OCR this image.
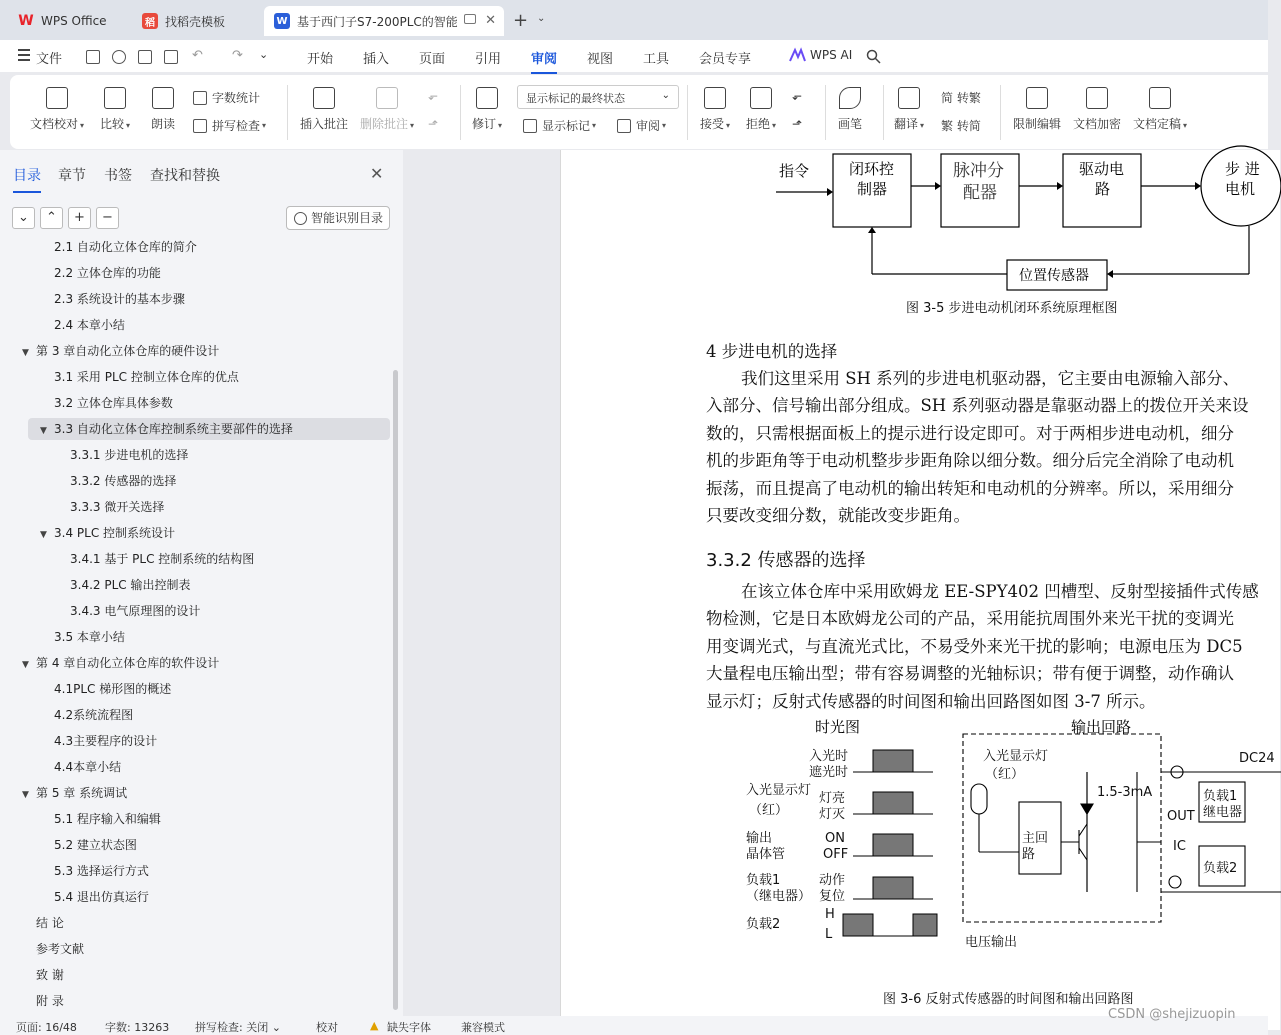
W WPS Office	稻 找稻壳模板	W 基于西门子S7-200PLC的智能 ✕ + ⌄
文件	↶ ↷ ⌄	开始 插入 页面 引用 审阅 视图 工具 会员专享	WPS AI
文档校对 ▾ 比较 ▾ 朗读
字数统计
拼写检查 ▾	插入批注 删除批注 ▾
⬐
⬏	修订 ▾
显示标记的最终状态	⌄
显示标记 ▾	审阅 ▾	接受 ▾ 拒绝 ▾
⬐
⬏	画笔	翻译 ▾
简 转繁
繁 转简	限制编辑 文档加密 文档定稿 ▾
目录 章节 书签 查找和替换	✕
⌄	⌃	+	−	智能识别目录
2.1 自动化立体仓库的简介
2.2 立体仓库的功能
2.3 系统设计的基本步骤
2.4 本章小结
▼ 第 3 章自动化立体仓库的硬件设计
3.1 采用 PLC 控制立体仓库的优点
3.2 立体仓库具体参数
▼ 3.3 自动化立体仓库控制系统主要部件的选择
3.3.1 步进电机的选择
3.3.2 传感器的选择
3.3.3 微开关选择
▼ 3.4 PLC 控制系统设计
3.4.1 基于 PLC 控制系统的结构图
3.4.2 PLC 输出控制表
3.4.3 电气原理图的设计
3.5 本章小结
▼ 第 4 章自动化立体仓库的软件设计
4.1PLC 梯形图的概述
4.2系统流程图
4.3主要程序的设计
4.4本章小结
▼ 第 5 章 系统调试
5.1 程序输入和编辑
5.2 建立状态图
5.3 选择运行方式
5.4 退出仿真运行
结 论
参考文献
致 谢
附 录
指令	闭环控
制器
脉冲分
配器
驱动电
路
步 进
电机
位置传感器
图 3-5 步进电动机闭环系统原理框图
4 步进电机的选择
我们这里采用 SH 系列的步进电机驱动器，它主要由电源输入部分、
入部分、信号输出部分组成。SH 系列驱动器是靠驱动器上的拨位开关来设
数的，只需根据面板上的提示进行设定即可。对于两相步进电动机，细分
机的步距角等于电动机整步步距角除以细分数。细分后完全消除了电动机
振荡，而且提高了电动机的输出转矩和电动机的分辨率。所以，采用细分
只要改变细分数，就能改变步距角。
3.3.2 传感器的选择
在该立体仓库中采用欧姆龙 EE-SPY402 凹槽型、反射型接插件式传感
物检测，它是日本欧姆龙公司的产品，采用能抗周围外来光干扰的变调光
用变调光式，与直流光式比，不易受外来光干扰的影响；电源电压为 DC5
大量程电压输出型；带有容易调整的光轴标识；带有便于调整，动作确认
显示灯；反射式传感器的时间图和输出回路图如图 3-7 所示。
时光图	输出回路
入光时
遮光时
入光显示灯
（红）
灯亮
灯灭
输出
晶体管
ON
OFF
负载1
（继电器）
动作
复位
负载2
H
L
入光显示灯
（红）
1.5-3mA
主回
路
OUT
IC
负载1
继电器
负载2
DC24
电压输出
图 3-6 反射式传感器的时间图和输出回路图
页面: 16/48	字数: 13263 拼写检查: 关闭 ⌄	校对	▲ 缺失字体	兼容模式
CSDN @shejizuopin
